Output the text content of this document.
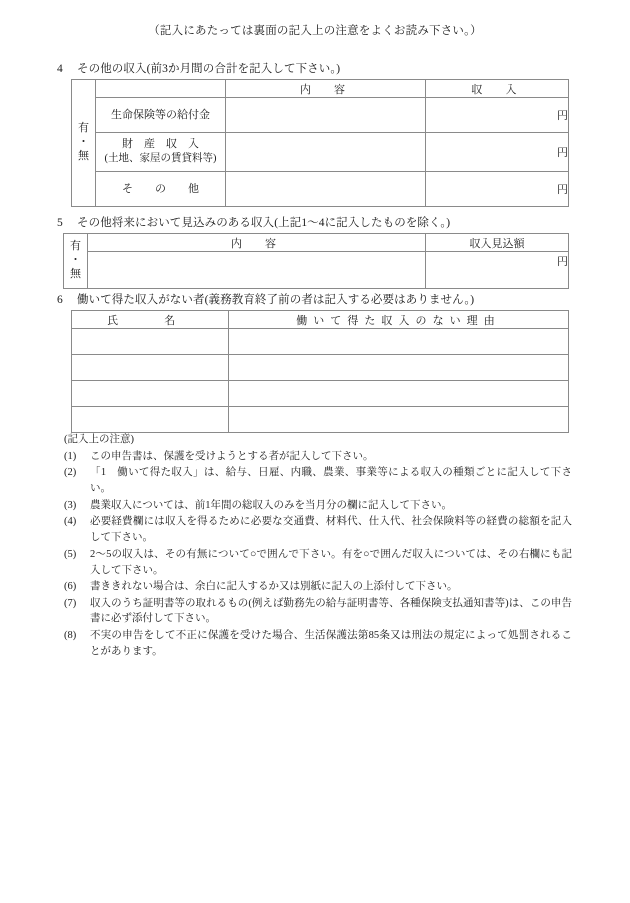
（記入にあたっては裏面の記入上の注意をよくお読み下さい。）
4 その他の収入(前3か月間の合計を記入して下さい。)
有
・
無		内　容	収　入

	生命保険等の給付金		円

	財　産　収　入
(土地、家屋の賃貸料等)		円

	そ　　の　　他		円
5 その他将来において見込みのある収入(上記1〜4に記入したものを除く。)
有
・
無	内　容	収入見込額
		円
6 働いて得た収入がない者(義務教育終了前の者は記入する必要はありません。)
氏　名	働いて得た収入のない理由

(記入上の注意)
(1)	この申告書は、保護を受けようとする者が記入して下さい。
(2)	「1　働いて得た収入」は、給与、日雇、内職、農業、事業等による収入の種類ごとに記入して下さい。
(3)	農業収入については、前1年間の総収入のみを当月分の欄に記入して下さい。
(4)	必要経費欄には収入を得るために必要な交通費、材料代、仕入代、社会保険料等の経費の総額を記入して下さい。
(5)	2〜5の収入は、その有無について○で囲んで下さい。有を○で囲んだ収入については、その右欄にも記入して下さい。
(6)	書ききれない場合は、余白に記入するか又は別紙に記入の上添付して下さい。
(7)	収入のうち証明書等の取れるもの(例えば勤務先の給与証明書等、各種保険支払通知書等)は、この申告書に必ず添付して下さい。
(8)	不実の申告をして不正に保護を受けた場合、生活保護法第85条又は刑法の規定によって処罰されることがあります。
